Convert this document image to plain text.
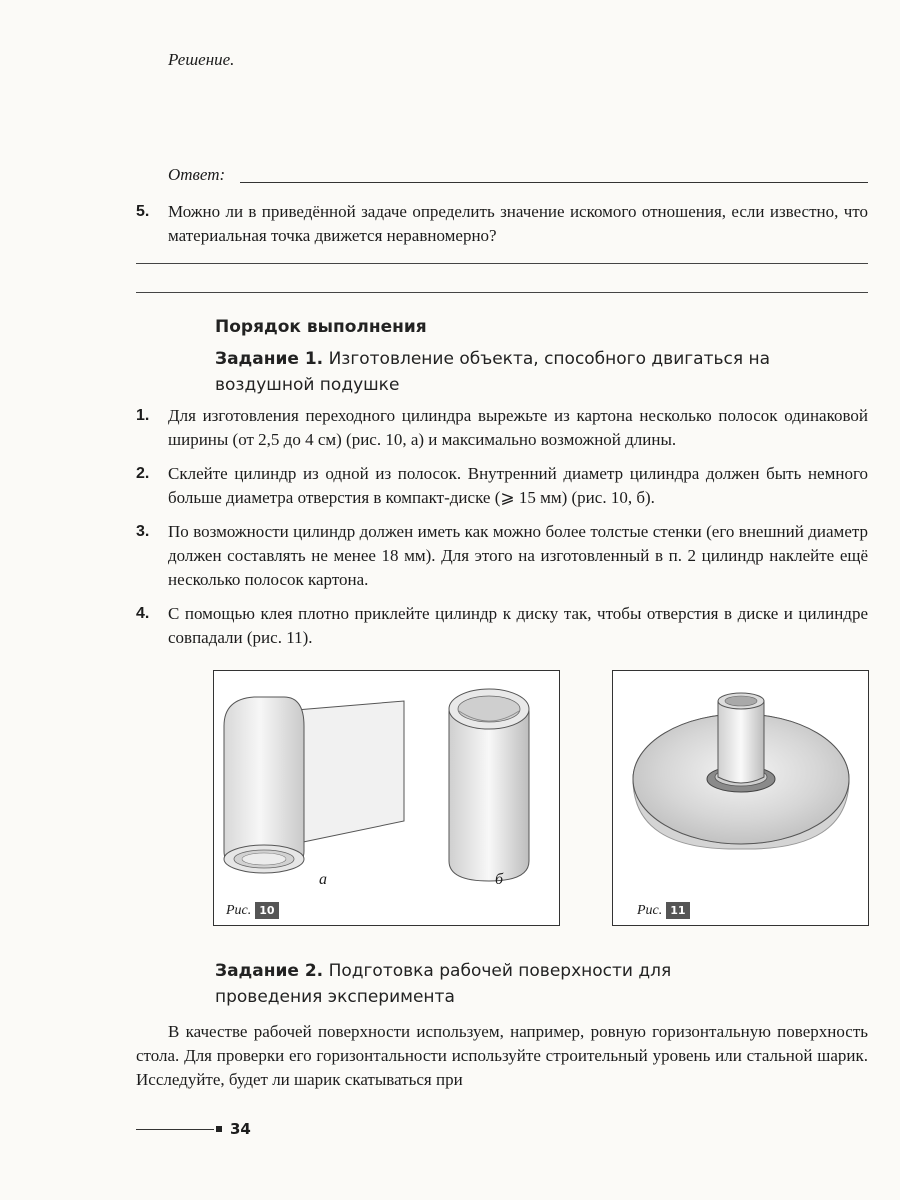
Решение.
Ответ:
5. Можно ли в приведённой задаче определить значение искомого отношения, если известно, что материальная точка движется неравномерно?
Порядок выполнения
Задание 1. Изготовление объекта, способного двигаться на воздушной подушке
1. Для изготовления переходного цилиндра вырежьте из картона несколько полосок одинаковой ширины (от 2,5 до 4 см) (рис. 10, а) и максимально возможной длины.
2. Склейте цилиндр из одной из полосок. Внутренний диаметр цилиндра должен быть немного больше диаметра отверстия в компакт-диске (⩾ 15 мм) (рис. 10, б).
3. По возможности цилиндр должен иметь как можно более толстые стенки (его внешний диаметр должен составлять не менее 18 мм). Для этого на изготовленный в п. 2 цилиндр наклейте ещё несколько полосок картона.
4. С помощью клея плотно приклейте цилиндр к диску так, чтобы отверстия в диске и цилиндре совпадали (рис. 11).
а	б
Рис. 10	Рис. 11
Задание 2. Подготовка рабочей поверхности для проведения эксперимента
В качестве рабочей поверхности используем, например, ровную горизонтальную поверхность стола. Для проверки его горизонтальности используйте строительный уровень или стальной шарик. Исследуйте, будет ли шарик скатываться при
34
